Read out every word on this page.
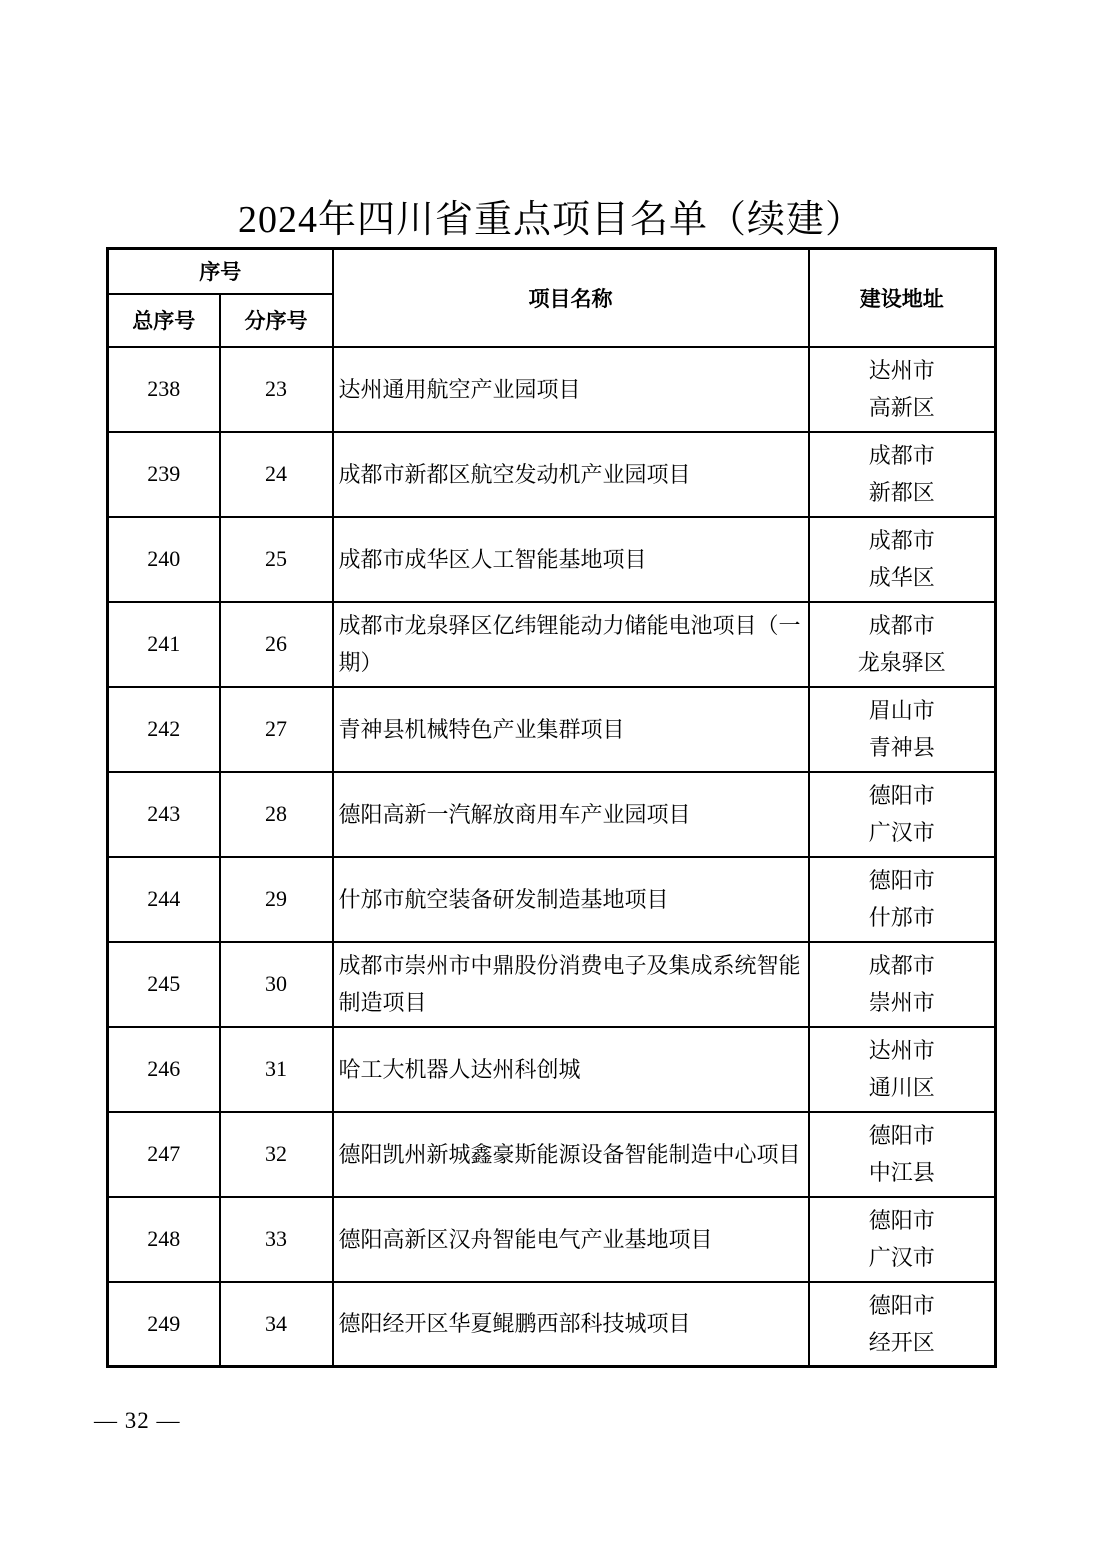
2024年四川省重点项目名单（续建）
序号		项目名称	建设地址
总序号	分序号		
238	23	达州通用航空产业园项目	达州市
高新区

239	24	成都市新都区航空发动机产业园项目	成都市
新都区

240	25	成都市成华区人工智能基地项目	成都市
成华区

241	26	成都市龙泉驿区亿纬锂能动力储能电池项目（一期）	成都市
龙泉驿区

242	27	青神县机械特色产业集群项目	眉山市
青神县

243	28	德阳高新一汽解放商用车产业园项目	德阳市
广汉市

244	29	什邡市航空装备研发制造基地项目	德阳市
什邡市

245	30	成都市崇州市中鼎股份消费电子及集成系统智能制造项目	成都市
崇州市

246	31	哈工大机器人达州科创城	达州市
通川区

247	32	德阳凯州新城鑫豪斯能源设备智能制造中心项目	德阳市
中江县

248	33	德阳高新区汉舟智能电气产业基地项目	德阳市
广汉市

249	34	德阳经开区华夏鲲鹏西部科技城项目	德阳市
经开区
— 32 —
